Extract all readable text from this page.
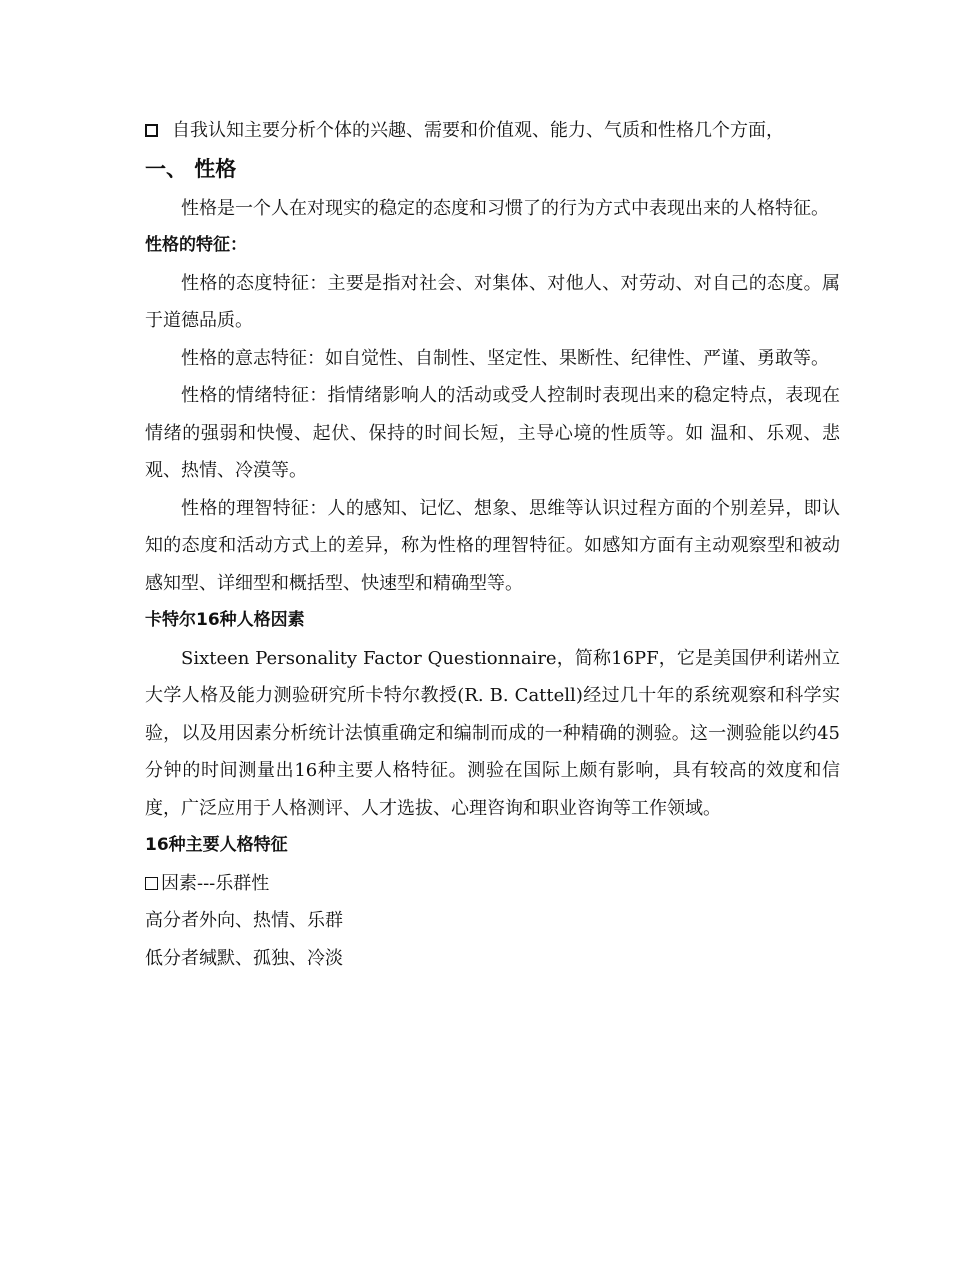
自我认知主要分析个体的兴趣、需要和价值观、能力、气质和性格几个方面，

一、 性格

性格是一个人在对现实的稳定的态度和习惯了的行为方式中表现出来的人格特征。

性格的特征：

性格的态度特征：主要是指对社会、对集体、对他人、对劳动、对自己的态度。属于道德品质。

性格的意志特征：如自觉性、自制性、坚定性、果断性、纪律性、严谨、勇敢等。

性格的情绪特征：指情绪影响人的活动或受人控制时表现出来的稳定特点，表现在情绪的强弱和快慢、起伏、保持的时间长短，主导心境的性质等。如 温和、乐观、悲观、热情、冷漠等。

性格的理智特征：人的感知、记忆、想象、思维等认识过程方面的个别差异，即认知的态度和活动方式上的差异，称为性格的理智特征。如感知方面有主动观察型和被动感知型、详细型和概括型、快速型和精确型等。

卡特尔16种人格因素

Sixteen Personality Factor Questionnaire，简称16PF，它是美国伊利诺州立大学人格及能力测验研究所卡特尔教授(R. B. Cattell)经过几十年的系统观察和科学实验，以及用因素分析统计法慎重确定和编制而成的一种精确的测验。这一测验能以约45分钟的时间测量出16种主要人格特征。测验在国际上颇有影响，具有较高的效度和信度，广泛应用于人格测评、人才选拔、心理咨询和职业咨询等工作领域。

16种主要人格特征

因素---乐群性

高分者外向、热情、乐群

低分者缄默、孤独、冷淡
